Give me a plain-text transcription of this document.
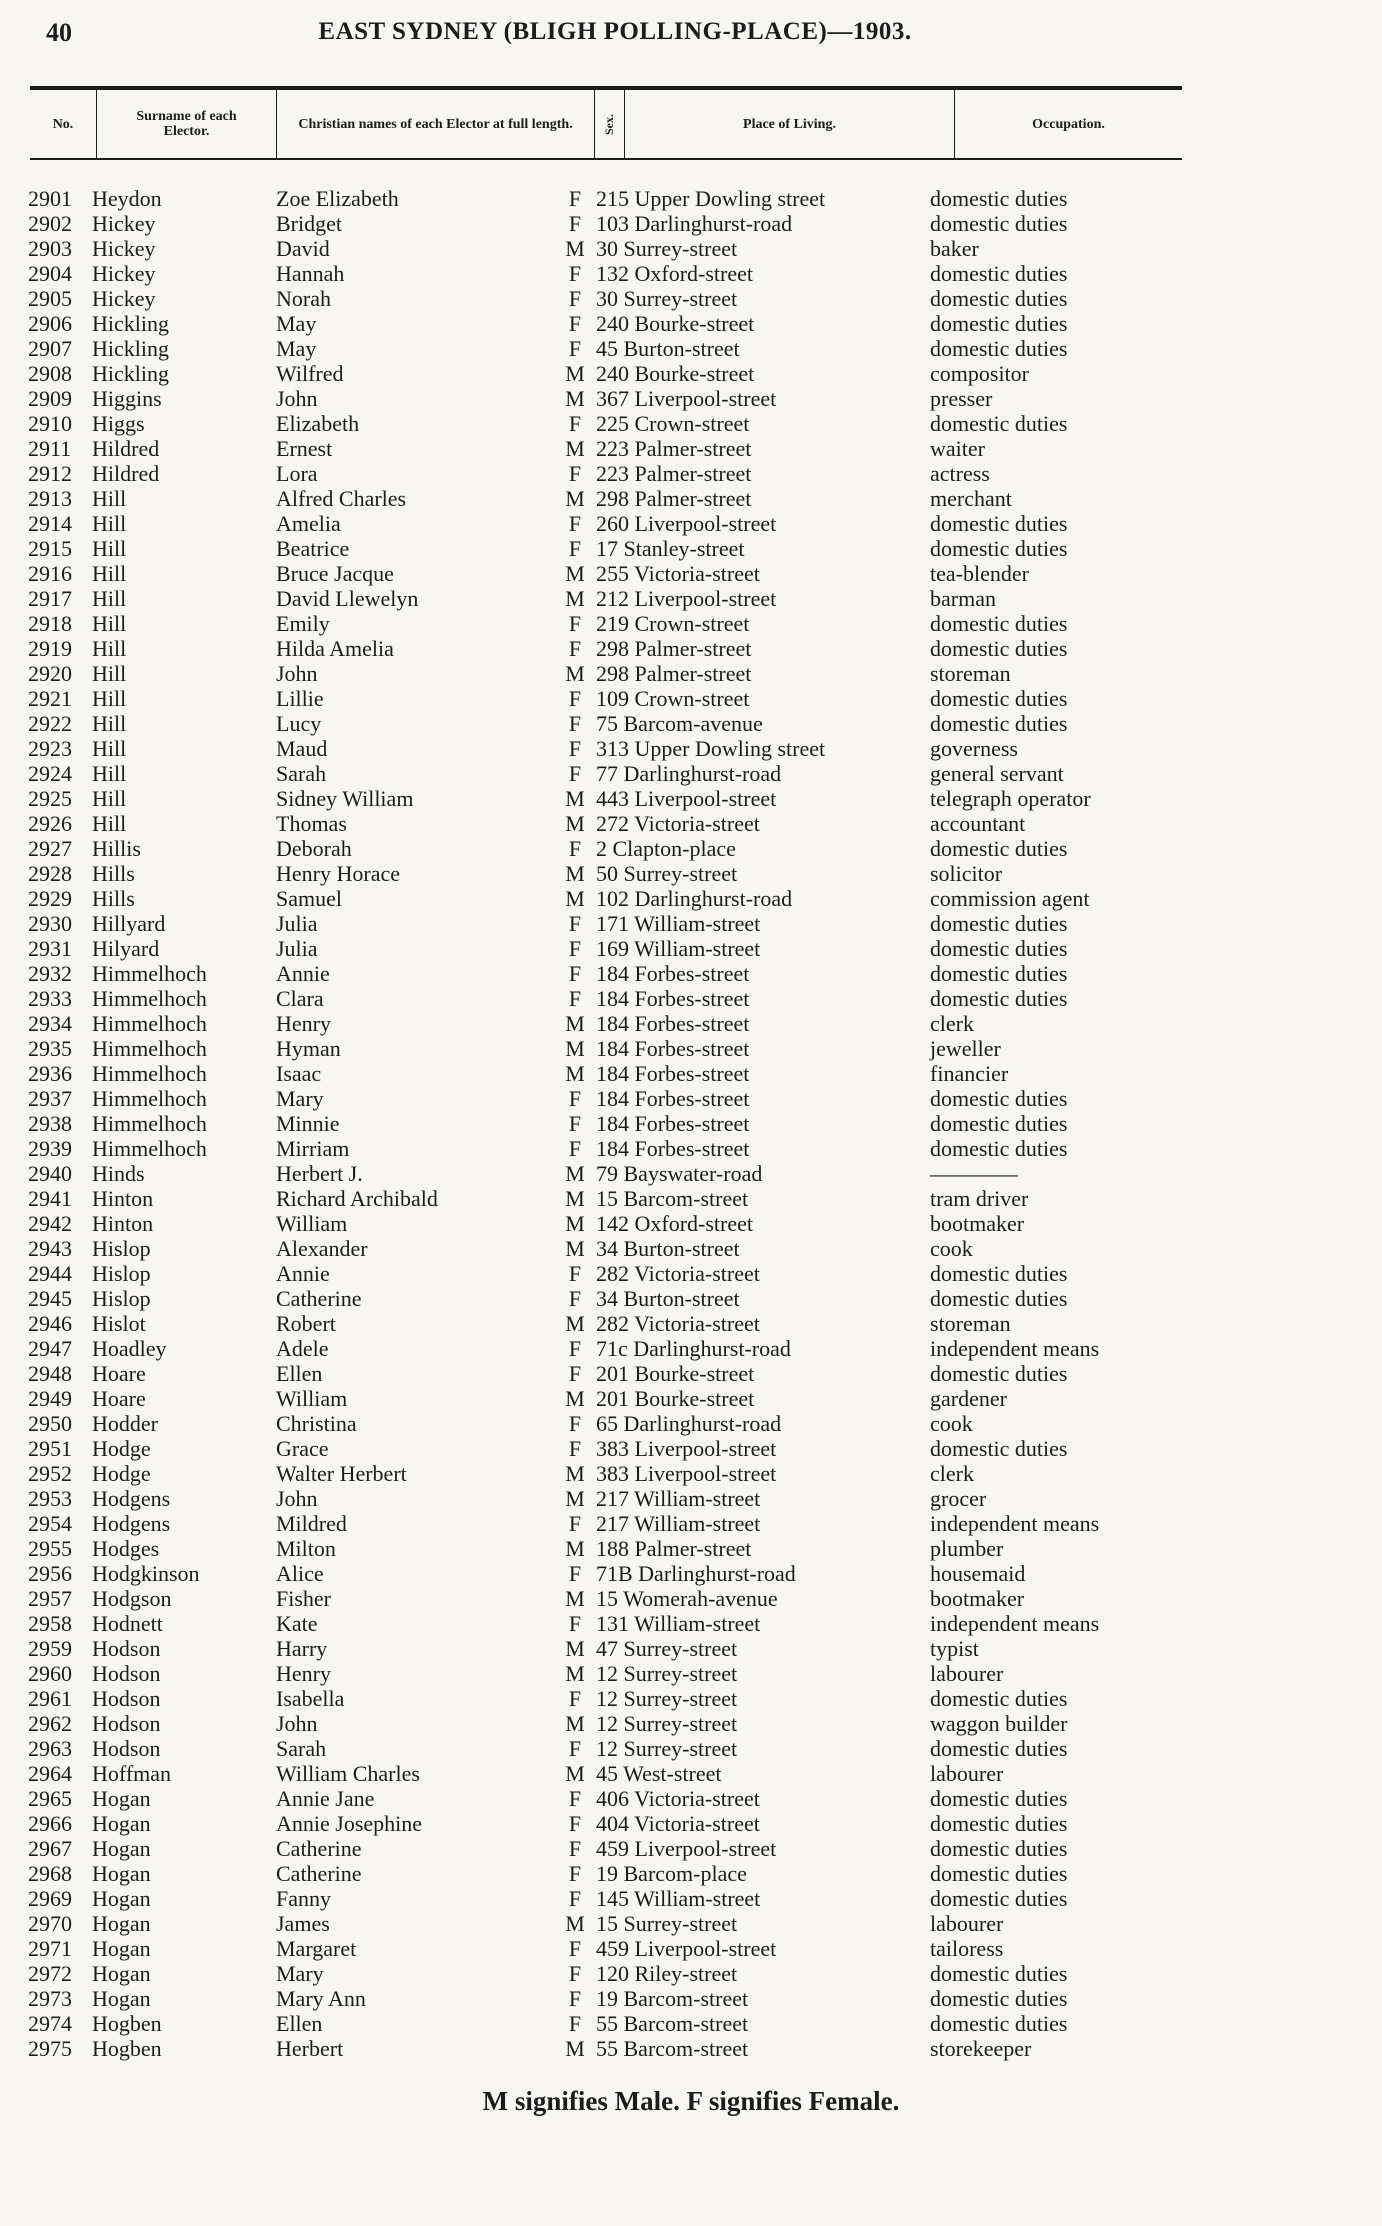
40	EAST SYDNEY (BLIGH POLLING-PLACE)—1903.
No.	Surname of each Elector.	Christian names of each Elector at full length.	Sex.	Place of Living.	Occupation.
2901 Heydon	Zoe Elizabeth	F 215 Upper Dowling street	domestic duties
2902 Hickey	Bridget	F 103 Darlinghurst-road	domestic duties
2903 Hickey	David	M 30 Surrey-street	baker
2904 Hickey	Hannah	F 132 Oxford-street	domestic duties
2905 Hickey	Norah	F 30 Surrey-street	domestic duties
2906 Hickling	May	F 240 Bourke-street	domestic duties
2907 Hickling	May	F 45 Burton-street	domestic duties
2908 Hickling	Wilfred	M 240 Bourke-street	compositor
2909 Higgins	John	M 367 Liverpool-street	presser
2910 Higgs	Elizabeth	F 225 Crown-street	domestic duties
2911 Hildred	Ernest	M 223 Palmer-street	waiter
2912 Hildred	Lora	F 223 Palmer-street	actress
2913 Hill	Alfred Charles	M 298 Palmer-street	merchant
2914 Hill	Amelia	F 260 Liverpool-street	domestic duties
2915 Hill	Beatrice	F 17 Stanley-street	domestic duties
2916 Hill	Bruce Jacque	M 255 Victoria-street	tea-blender
2917 Hill	David Llewelyn	M 212 Liverpool-street	barman
2918 Hill	Emily	F 219 Crown-street	domestic duties
2919 Hill	Hilda Amelia	F 298 Palmer-street	domestic duties
2920 Hill	John	M 298 Palmer-street	storeman
2921 Hill	Lillie	F 109 Crown-street	domestic duties
2922 Hill	Lucy	F 75 Barcom-avenue	domestic duties
2923 Hill	Maud	F 313 Upper Dowling street	governess
2924 Hill	Sarah	F 77 Darlinghurst-road	general servant
2925 Hill	Sidney William	M 443 Liverpool-street	telegraph operator
2926 Hill	Thomas	M 272 Victoria-street	accountant
2927 Hillis	Deborah	F 2 Clapton-place	domestic duties
2928 Hills	Henry Horace	M 50 Surrey-street	solicitor
2929 Hills	Samuel	M 102 Darlinghurst-road	commission agent
2930 Hillyard	Julia	F 171 William-street	domestic duties
2931 Hilyard	Julia	F 169 William-street	domestic duties
2932 Himmelhoch	Annie	F 184 Forbes-street	domestic duties
2933 Himmelhoch	Clara	F 184 Forbes-street	domestic duties
2934 Himmelhoch	Henry	M 184 Forbes-street	clerk
2935 Himmelhoch	Hyman	M 184 Forbes-street	jeweller
2936 Himmelhoch	Isaac	M 184 Forbes-street	financier
2937 Himmelhoch	Mary	F 184 Forbes-street	domestic duties
2938 Himmelhoch	Minnie	F 184 Forbes-street	domestic duties
2939 Himmelhoch	Mirriam	F 184 Forbes-street	domestic duties
2940 Hinds	Herbert J.	M 79 Bayswater-road	————
2941 Hinton	Richard Archibald	M 15 Barcom-street	tram driver
2942 Hinton	William	M 142 Oxford-street	bootmaker
2943 Hislop	Alexander	M 34 Burton-street	cook
2944 Hislop	Annie	F 282 Victoria-street	domestic duties
2945 Hislop	Catherine	F 34 Burton-street	domestic duties
2946 Hislot	Robert	M 282 Victoria-street	storeman
2947 Hoadley	Adele	F 71c Darlinghurst-road	independent means
2948 Hoare	Ellen	F 201 Bourke-street	domestic duties
2949 Hoare	William	M 201 Bourke-street	gardener
2950 Hodder	Christina	F 65 Darlinghurst-road	cook
2951 Hodge	Grace	F 383 Liverpool-street	domestic duties
2952 Hodge	Walter Herbert	M 383 Liverpool-street	clerk
2953 Hodgens	John	M 217 William-street	grocer
2954 Hodgens	Mildred	F 217 William-street	independent means
2955 Hodges	Milton	M 188 Palmer-street	plumber
2956 Hodgkinson	Alice	F 71B Darlinghurst-road	housemaid
2957 Hodgson	Fisher	M 15 Womerah-avenue	bootmaker
2958 Hodnett	Kate	F 131 William-street	independent means
2959 Hodson	Harry	M 47 Surrey-street	typist
2960 Hodson	Henry	M 12 Surrey-street	labourer
2961 Hodson	Isabella	F 12 Surrey-street	domestic duties
2962 Hodson	John	M 12 Surrey-street	waggon builder
2963 Hodson	Sarah	F 12 Surrey-street	domestic duties
2964 Hoffman	William Charles	M 45 West-street	labourer
2965 Hogan	Annie Jane	F 406 Victoria-street	domestic duties
2966 Hogan	Annie Josephine	F 404 Victoria-street	domestic duties
2967 Hogan	Catherine	F 459 Liverpool-street	domestic duties
2968 Hogan	Catherine	F 19 Barcom-place	domestic duties
2969 Hogan	Fanny	F 145 William-street	domestic duties
2970 Hogan	James	M 15 Surrey-street	labourer
2971 Hogan	Margaret	F 459 Liverpool-street	tailoress
2972 Hogan	Mary	F 120 Riley-street	domestic duties
2973 Hogan	Mary Ann	F 19 Barcom-street	domestic duties
2974 Hogben	Ellen	F 55 Barcom-street	domestic duties
2975 Hogben	Herbert	M 55 Barcom-street	storekeeper
M signifies Male. F signifies Female.
